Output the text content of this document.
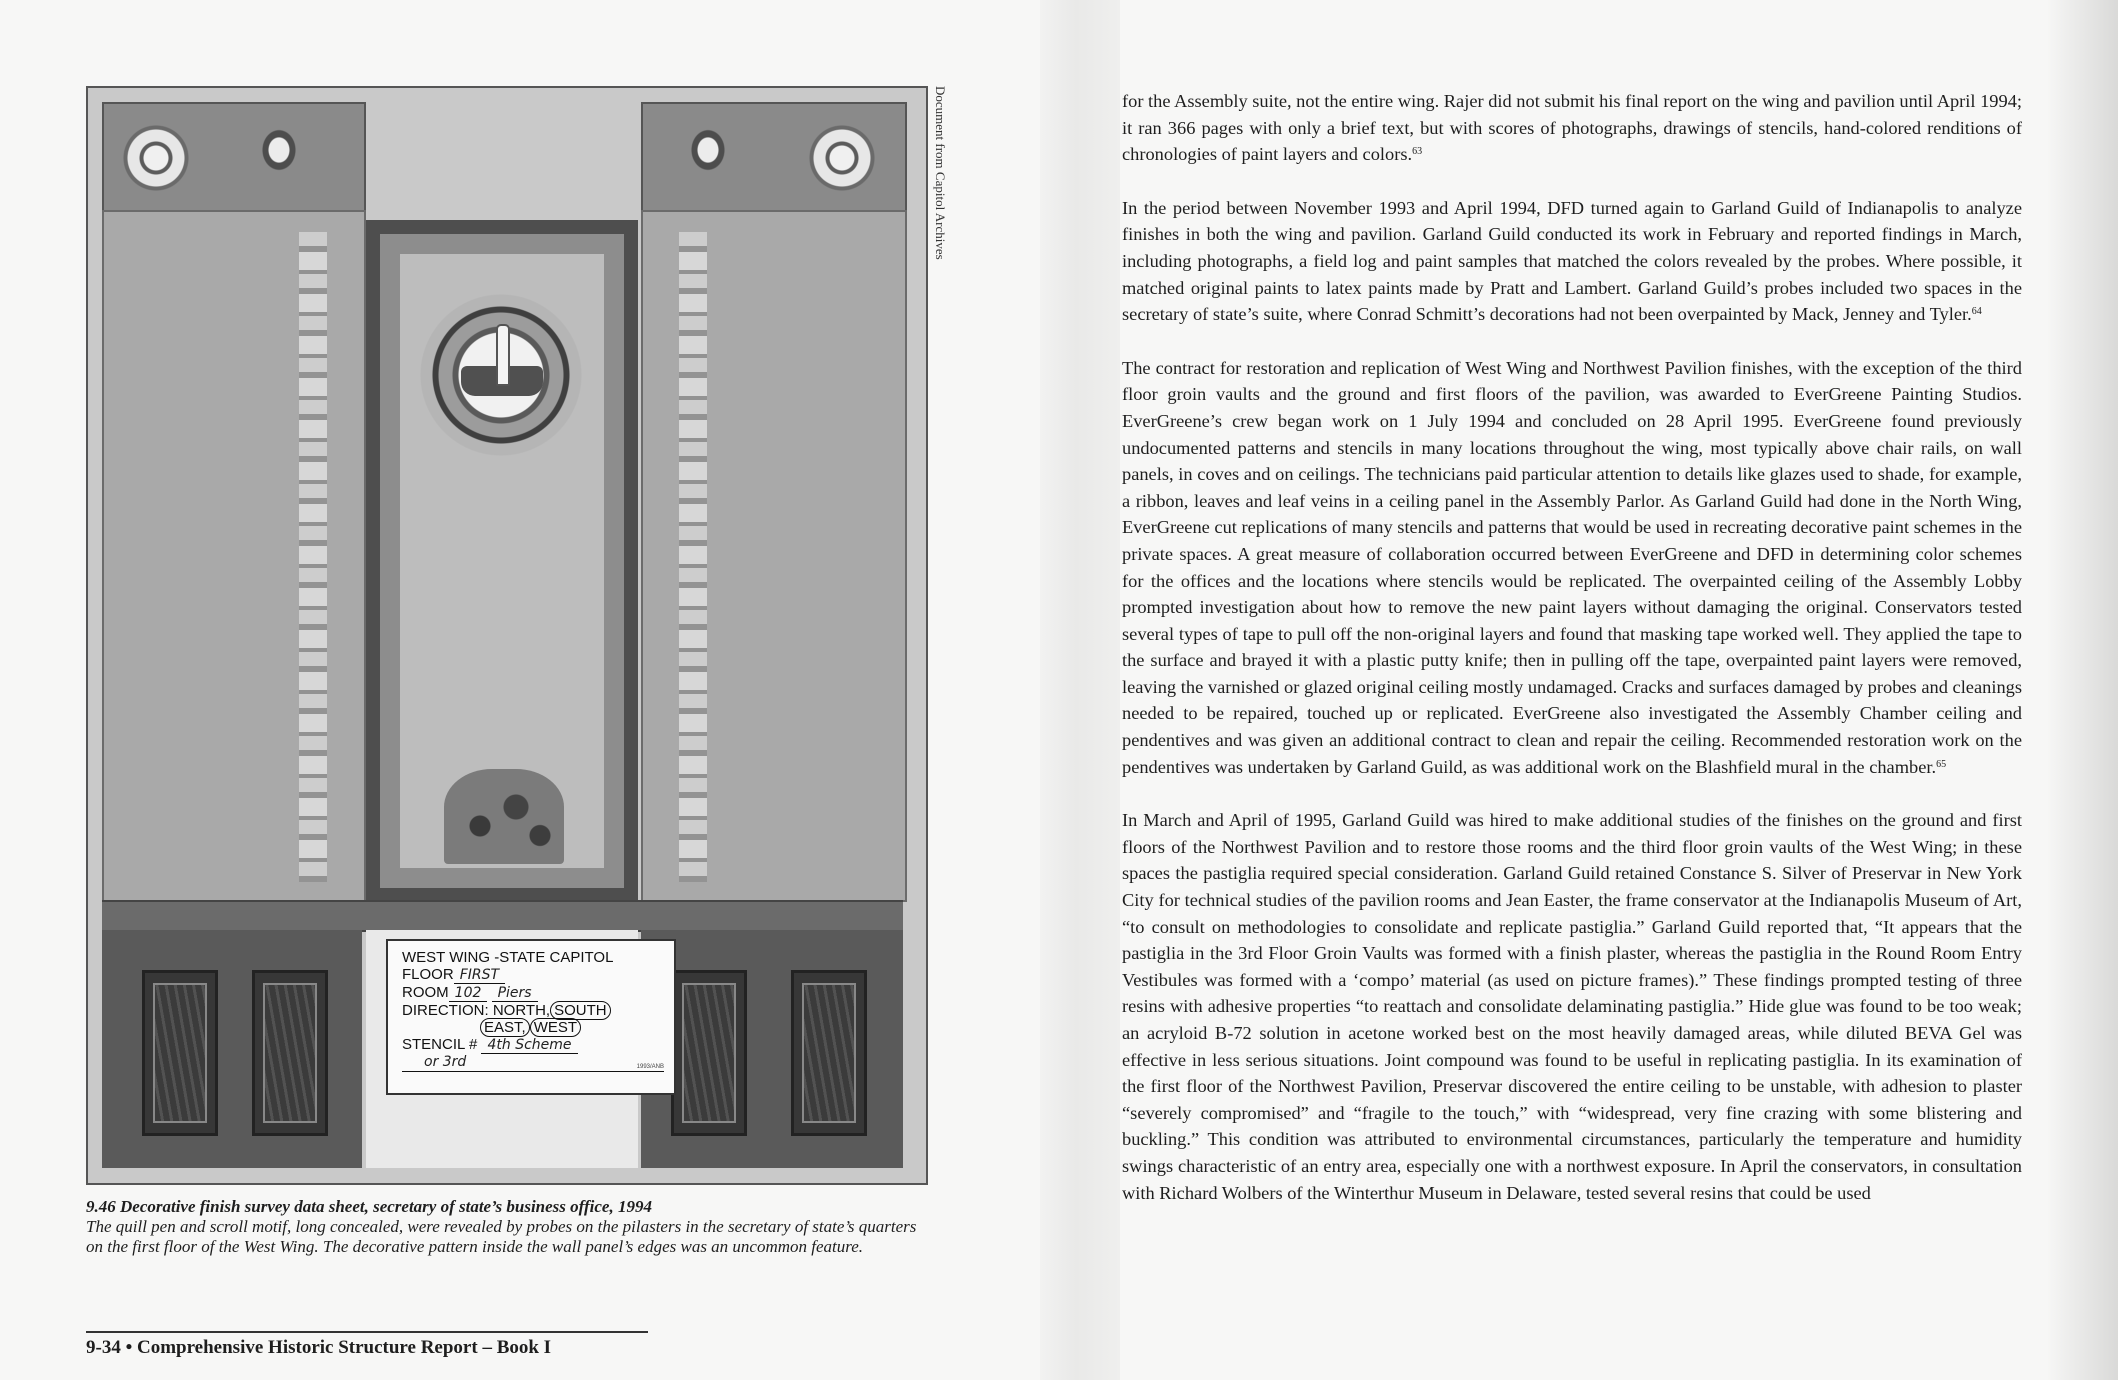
WEST WING -STATE CAPITOL
FLOOR FIRST
ROOM 102 Piers
DIRECTION: NORTH, SOUTH
EAST, WEST
STENCIL # 4th Scheme
or 3rd	1993/ANB
Document from Capitol Archives
9.46 Decorative finish survey data sheet, secretary of state’s business office, 1994
The quill pen and scroll motif, long concealed, were revealed by probes on the pilasters in the secretary of state’s quarters on the first floor of the West Wing. The decorative pattern inside the wall panel’s edges was an uncommon feature.
9-34 • Comprehensive Historic Structure Report – Book I

for the Assembly suite, not the entire wing. Rajer did not submit his final report on the wing and pavilion until April 1994; it ran 366 pages with only a brief text, but with scores of photographs, drawings of stencils, hand-colored renditions of chronologies of paint layers and colors.$^{63}$

In the period between November 1993 and April 1994, DFD turned again to Garland Guild of Indianapolis to analyze finishes in both the wing and pavilion. Garland Guild conducted its work in February and reported findings in March, including photographs, a field log and paint samples that matched the colors revealed by the probes. Where possible, it matched original paints to latex paints made by Pratt and Lambert. Garland Guild’s probes included two spaces in the secretary of state’s suite, where Conrad Schmitt’s decorations had not been overpainted by Mack, Jenney and Tyler.$^{64}$

The contract for restoration and replication of West Wing and Northwest Pavilion finishes, with the exception of the third floor groin vaults and the ground and first floors of the pavilion, was awarded to EverGreene Painting Studios. EverGreene’s crew began work on 1 July 1994 and concluded on 28 April 1995. EverGreene found previously undocumented patterns and stencils in many locations throughout the wing, most typically above chair rails, on wall panels, in coves and on ceilings. The technicians paid particular attention to details like glazes used to shade, for example, a ribbon, leaves and leaf veins in a ceiling panel in the Assembly Parlor. As Garland Guild had done in the North Wing, EverGreene cut replications of many stencils and patterns that would be used in recreating decorative paint schemes in the private spaces. A great measure of collaboration occurred between EverGreene and DFD in determining color schemes for the offices and the locations where stencils would be replicated. The overpainted ceiling of the Assembly Lobby prompted investigation about how to remove the new paint layers without damaging the original. Conservators tested several types of tape to pull off the non-original layers and found that masking tape worked well. They applied the tape to the surface and brayed it with a plastic putty knife; then in pulling off the tape, overpainted paint layers were removed, leaving the varnished or glazed original ceiling mostly undamaged. Cracks and surfaces damaged by probes and cleanings needed to be repaired, touched up or replicated. EverGreene also investigated the Assembly Chamber ceiling and pendentives and was given an additional contract to clean and repair the ceiling. Recommended restoration work on the pendentives was undertaken by Garland Guild, as was additional work on the Blashfield mural in the chamber.$^{65}$

In March and April of 1995, Garland Guild was hired to make additional studies of the finishes on the ground and first floors of the Northwest Pavilion and to restore those rooms and the third floor groin vaults of the West Wing; in these spaces the pastiglia required special consideration. Garland Guild retained Constance S. Silver of Preservar in New York City for technical studies of the pavilion rooms and Jean Easter, the frame conservator at the Indianapolis Museum of Art, “to consult on methodologies to consolidate and replicate pastiglia.” Garland Guild reported that, “It appears that the pastiglia in the 3rd Floor Groin Vaults was formed with a finish plaster, whereas the pastiglia in the Round Room Entry Vestibules was formed with a ‘compo’ material (as used on picture frames).” These findings prompted testing of three resins with adhesive properties “to reattach and consolidate delaminating pastiglia.” Hide glue was found to be too weak; an acryloid B-72 solution in acetone worked best on the most heavily damaged areas, while diluted BEVA Gel was effective in less serious situations. Joint compound was found to be useful in replicating pastiglia. In its examination of the first floor of the Northwest Pavilion, Preservar discovered the entire ceiling to be unstable, with adhesion to plaster “severely compromised” and “fragile to the touch,” with “widespread, very fine crazing with some blistering and buckling.” This condition was attributed to environmental circumstances, particularly the temperature and humidity swings characteristic of an entry area, especially one with a northwest exposure. In April the conservators, in consultation with Richard Wolbers of the Winterthur Museum in Delaware, tested several resins that could be used
